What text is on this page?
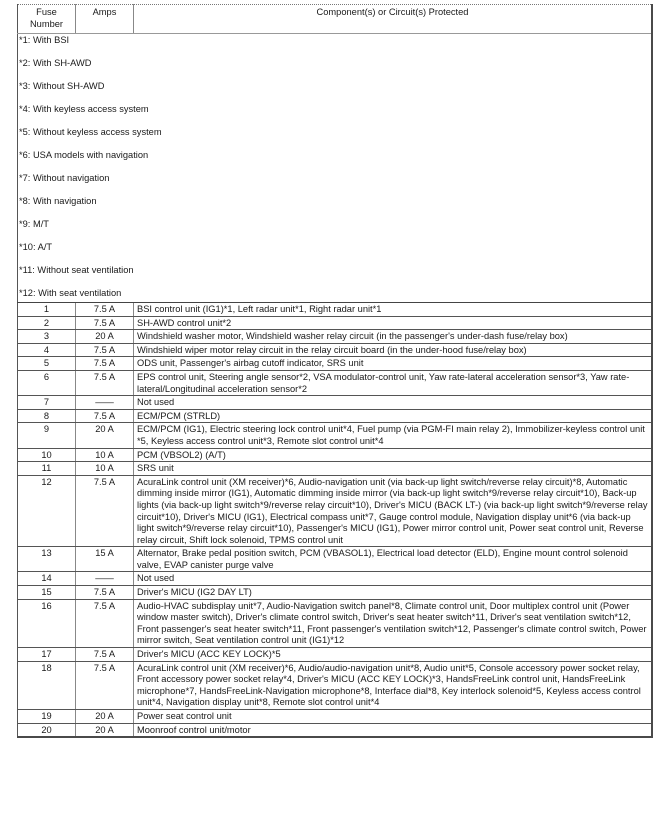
Fuse Number	Amps	Component(s) or Circuit(s) Protected
*1: With BSI		
*2: With SH-AWD		
*3: Without SH-AWD		
*4: With keyless access system		
*5: Without keyless access system		
*6: USA models with navigation		
*7: Without navigation		
*8: With navigation		
*9: M/T		
*10: A/T		
*11: Without seat ventilation		
*12: With seat ventilation		
1	7.5 A	BSI control unit (IG1)*1, Left radar unit*1, Right radar unit*1
2	7.5 A	SH-AWD control unit*2
3	20 A	Windshield washer motor, Windshield washer relay circuit (in the passenger's under-dash fuse/relay box)
4	7.5 A	Windshield wiper motor relay circuit in the relay circuit board (in the under-hood fuse/relay box)
5	7.5 A	ODS unit, Passenger's airbag cutoff indicator, SRS unit
6	7.5 A	EPS control unit, Steering angle sensor*2, VSA modulator-control unit, Yaw rate-lateral acceleration sensor*3, Yaw rate-lateral/Longitudinal acceleration sensor*2
7	——	Not used
8	7.5 A	ECM/PCM (STRLD)
9	20 A	ECM/PCM (IG1), Electric steering lock control unit*4, Fuel pump (via PGM-FI main relay 2), Immobilizer-keyless control unit *5, Keyless access control unit*3, Remote slot control unit*4
10	10 A	PCM (VBSOL2) (A/T)
11	10 A	SRS unit
12	7.5 A	AcuraLink control unit (XM receiver)*6, Audio-navigation unit (via back-up light switch/reverse relay circuit)*8, Automatic dimming inside mirror (IG1), Automatic dimming inside mirror (via back-up light switch*9/reverse relay circuit*10), Back-up lights (via back-up light switch*9/reverse relay circuit*10), Driver's MICU (BACK LT-) (via back-up light switch*9/reverse relay circuit*10), Driver's MICU (IG1), Electrical compass unit*7, Gauge control module, Navigation display unit*6 (via back-up light switch*9/reverse relay circuit*10), Passenger's MICU (IG1), Power mirror control unit, Power seat control unit, Reverse relay circuit, Shift lock solenoid, TPMS control unit
13	15 A	Alternator, Brake pedal position switch, PCM (VBASOL1), Electrical load detector (ELD), Engine mount control solenoid valve, EVAP canister purge valve
14	——	Not used
15	7.5 A	Driver's MICU (IG2 DAY LT)
16	7.5 A	Audio-HVAC subdisplay unit*7, Audio-Navigation switch panel*8, Climate control unit, Door multiplex control unit (Power window master switch), Driver's climate control switch, Driver's seat heater switch*11, Driver's seat ventilation switch*12, Front passenger's seat heater switch*11, Front passenger's ventilation switch*12, Passenger's climate control switch, Power mirror switch, Seat ventilation control unit (IG1)*12
17	7.5 A	Driver's MICU (ACC KEY LOCK)*5
18	7.5 A	AcuraLink control unit (XM receiver)*6, Audio/audio-navigation unit*8, Audio unit*5, Console accessory power socket relay, Front accessory power socket relay*4, Driver's MICU (ACC KEY LOCK)*3, HandsFreeLink control unit, HandsFreeLink microphone*7, HandsFreeLink-Navigation microphone*8, Interface dial*8, Key interlock solenoid*5, Keyless access control unit*4, Navigation display unit*8, Remote slot control unit*4
19	20 A	Power seat control unit
20	20 A	Moonroof control unit/motor
